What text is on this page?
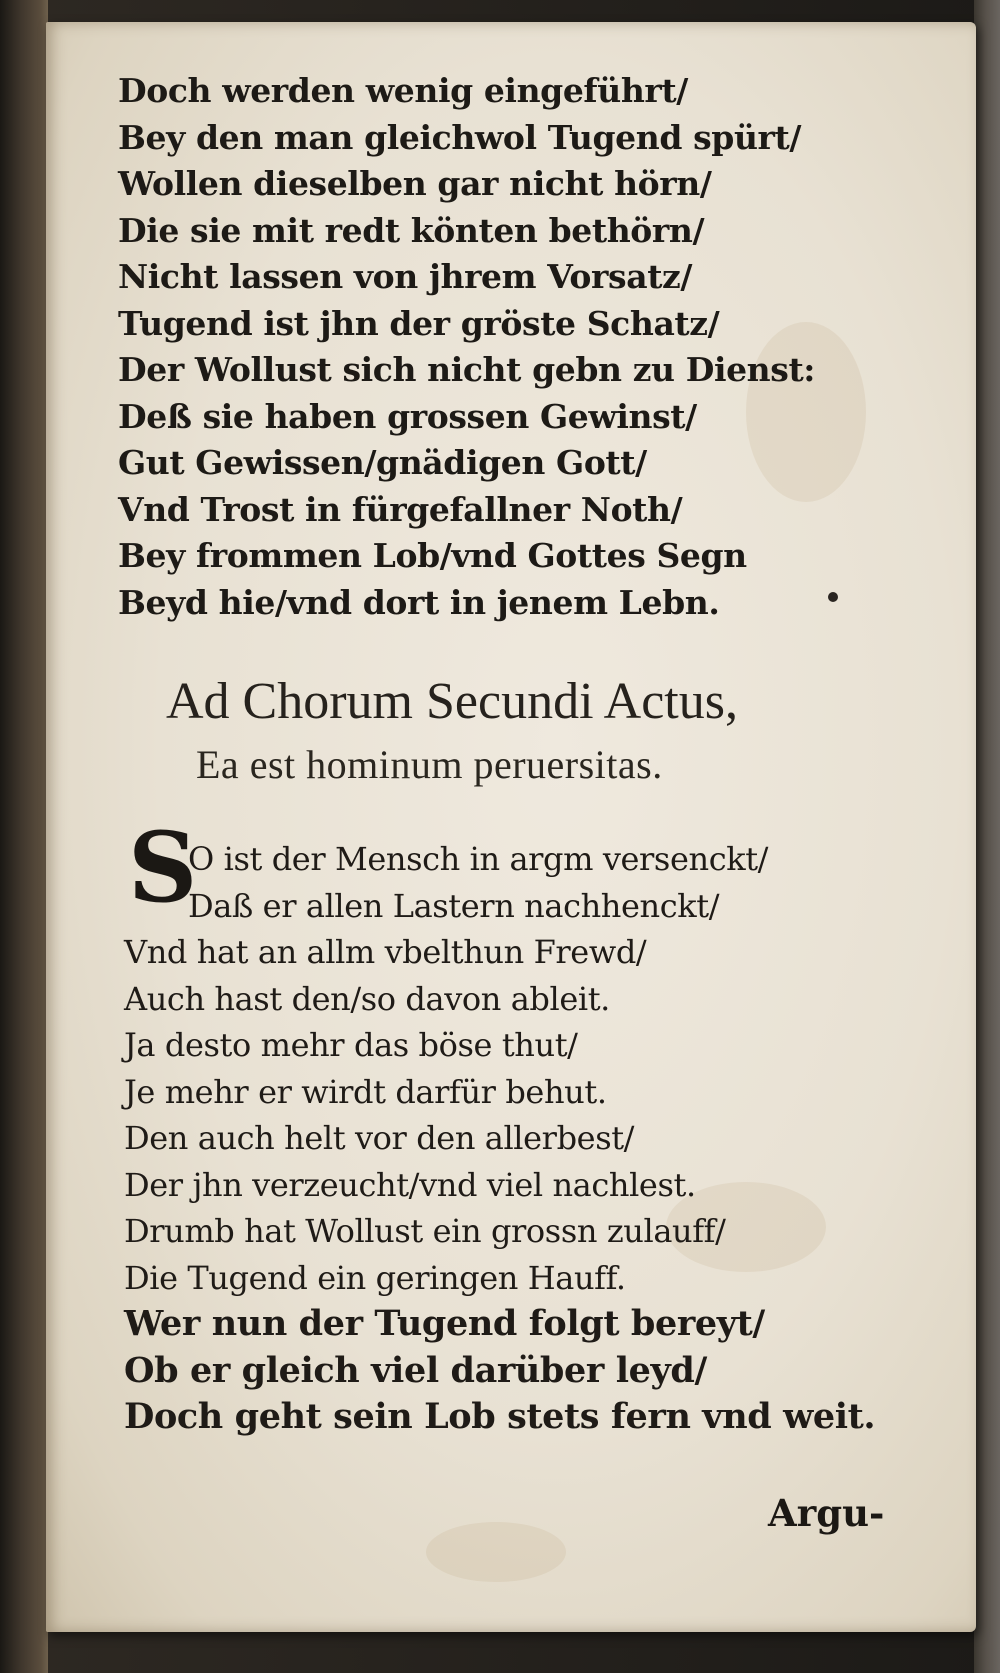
Doch werden wenig eingeführt/
Bey den man gleichwol Tugend spürt/
Wollen dieselben gar nicht hörn/
Die sie mit redt könten bethörn/
Nicht lassen von jhrem Vorsatz/
Tugend ist jhn der gröste Schatz/
Der Wollust sich nicht gebn zu Dienst:
Deß sie haben grossen Gewinst/
Gut Gewissen/gnädigen Gott/
Vnd Trost in fürgefallner Noth/
Bey frommen Lob/vnd Gottes Segn
Beyd hie/vnd dort in jenem Lebn.
Ad Chorum Secundi Actus,
Ea est hominum peruersitas.
S
O ist der Mensch in argm versenckt/
Daß er allen Lastern nachhenckt/
Vnd hat an allm vbelthun Frewd/
Auch hast den/so davon ableit.
Ja desto mehr das böse thut/
Je mehr er wirdt darfür behut.
Den auch helt vor den allerbest/
Der jhn verzeucht/vnd viel nachlest.
Drumb hat Wollust ein grossn zulauff/
Die Tugend ein geringen Hauff.
Wer nun der Tugend folgt bereyt/
Ob er gleich viel darüber leyd/
Doch geht sein Lob stets fern vnd weit.
Argu-
